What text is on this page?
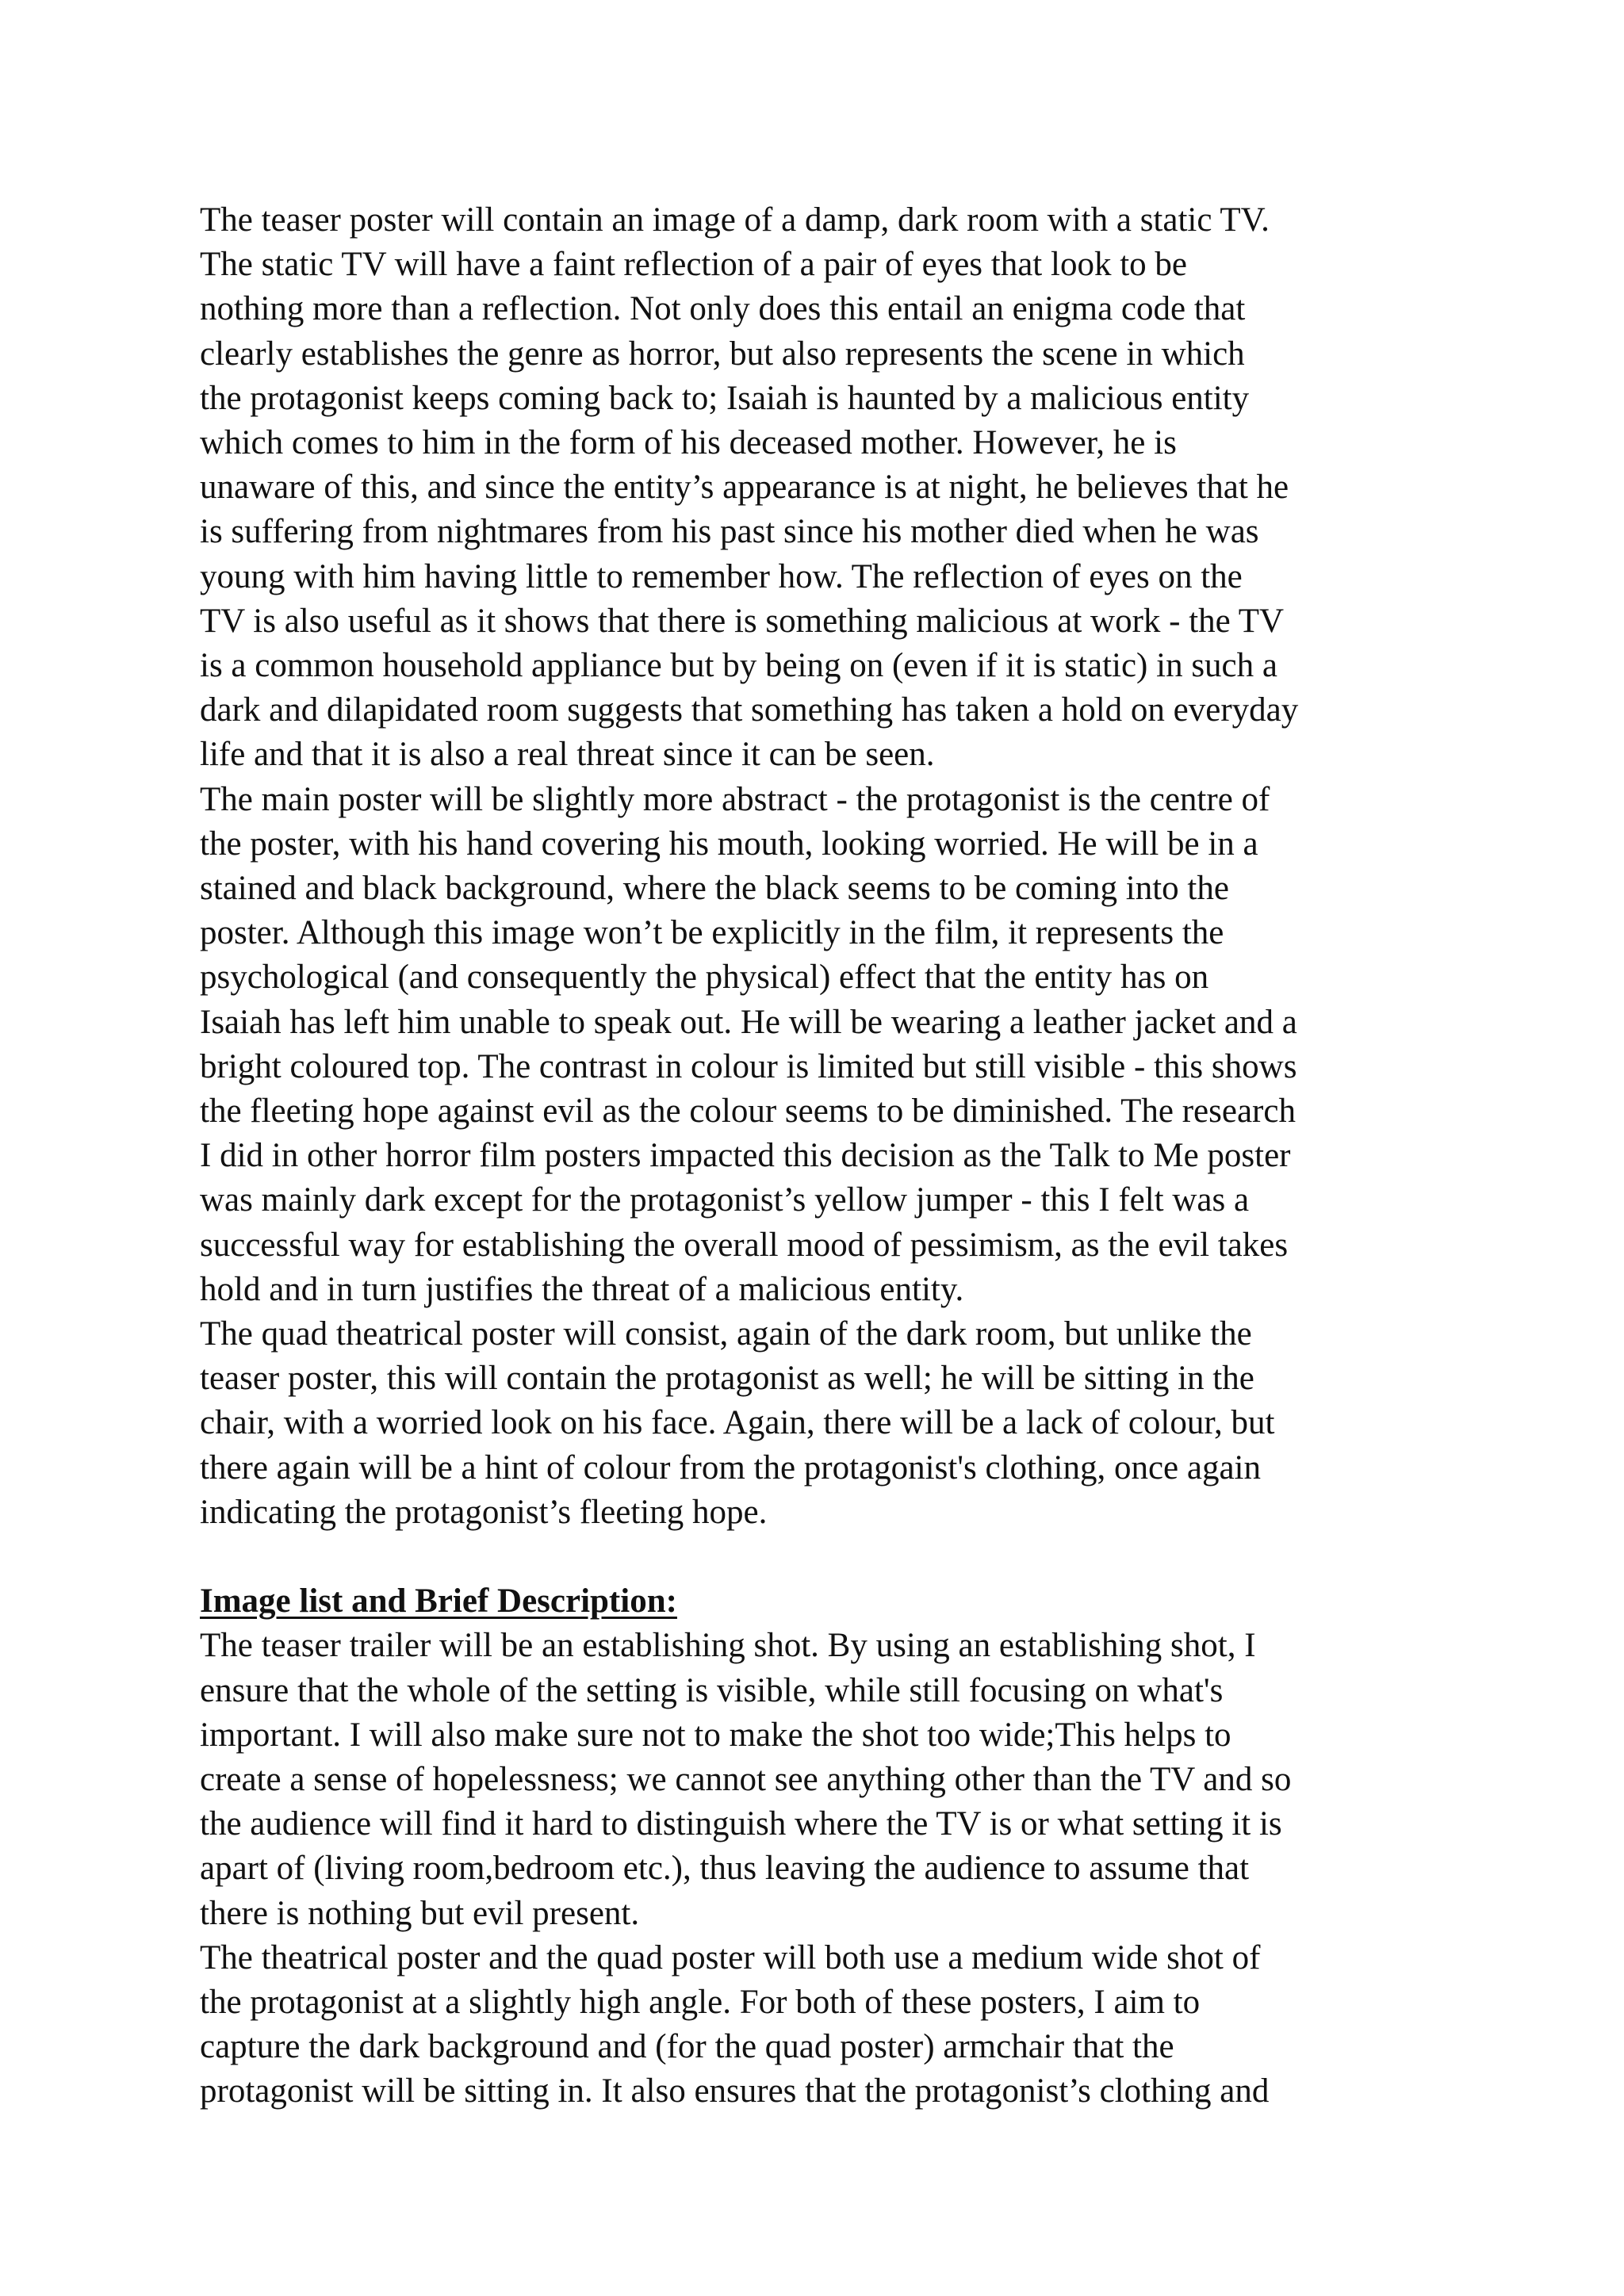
The teaser poster will contain an image of a damp, dark room with a static TV.
The static TV will have a faint reflection of a pair of eyes that look to be
nothing more than a reflection. Not only does this entail an enigma code that
clearly establishes the genre as horror, but also represents the scene in which
the protagonist keeps coming back to; Isaiah is haunted by a malicious entity
which comes to him in the form of his deceased mother. However, he is
unaware of this, and since the entity’s appearance is at night, he believes that he
is suffering from nightmares from his past since his mother died when he was
young with him having little to remember how. The reflection of eyes on the
TV is also useful as it shows that there is something malicious at work - the TV
is a common household appliance but by being on (even if it is static) in such a
dark and dilapidated room suggests that something has taken a hold on everyday
life and that it is also a real threat since it can be seen.
The main poster will be slightly more abstract - the protagonist is the centre of
the poster, with his hand covering his mouth, looking worried. He will be in a
stained and black background, where the black seems to be coming into the
poster. Although this image won’t be explicitly in the film, it represents the
psychological (and consequently the physical) effect that the entity has on
Isaiah has left him unable to speak out. He will be wearing a leather jacket and a
bright coloured top. The contrast in colour is limited but still visible - this shows
the fleeting hope against evil as the colour seems to be diminished. The research
I did in other horror film posters impacted this decision as the Talk to Me poster
was mainly dark except for the protagonist’s yellow jumper - this I felt was a
successful way for establishing the overall mood of pessimism, as the evil takes
hold and in turn justifies the threat of a malicious entity.
The quad theatrical poster will consist, again of the dark room, but unlike the
teaser poster, this will contain the protagonist as well; he will be sitting in the
chair, with a worried look on his face. Again, there will be a lack of colour, but
there again will be a hint of colour from the protagonist's clothing, once again
indicating the protagonist’s fleeting hope.
Image list and Brief Description:
The teaser trailer will be an establishing shot. By using an establishing shot, I
ensure that the whole of the setting is visible, while still focusing on what's
important. I will also make sure not to make the shot too wide;This helps to
create a sense of hopelessness; we cannot see anything other than the TV and so
the audience will find it hard to distinguish where the TV is or what setting it is
apart of (living room,bedroom etc.), thus leaving the audience to assume that
there is nothing but evil present.
The theatrical poster and the quad poster will both use a medium wide shot of
the protagonist at a slightly high angle. For both of these posters, I aim to
capture the dark background and (for the quad poster) armchair that the
protagonist will be sitting in. It also ensures that the protagonist’s clothing and
